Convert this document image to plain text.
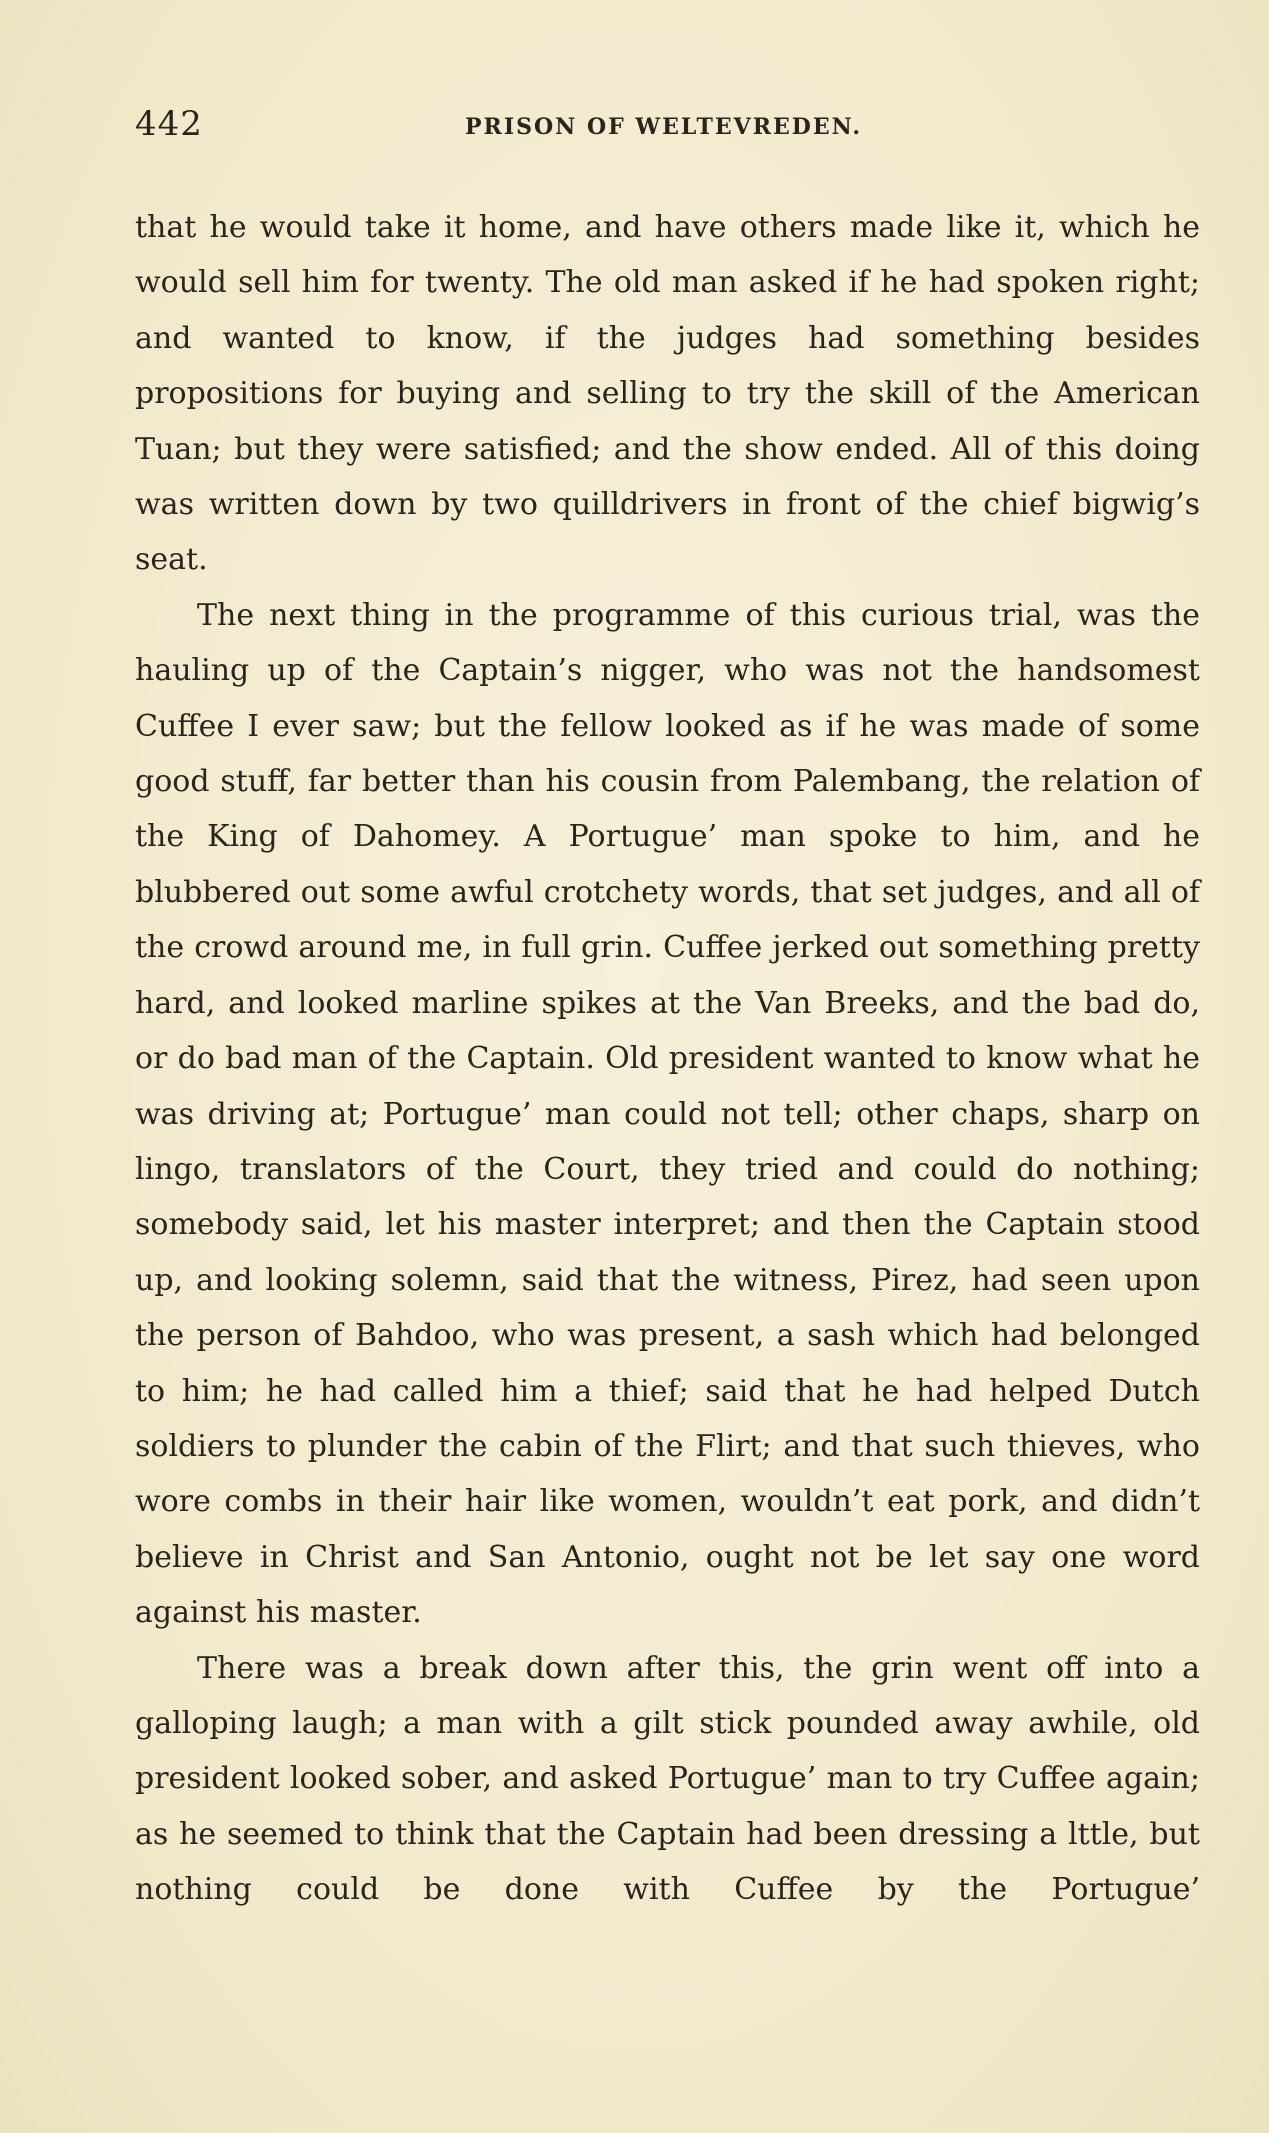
442	PRISON OF WELTEVREDEN.

that he would take it home, and have others made like it, which he would sell him for twenty. The old man asked if he had spoken right; and wanted to know, if the judges had something besides propositions for buying and selling to try the skill of the American Tuan; but they were satisfied; and the show ended. All of this doing was written down by two quilldrivers in front of the chief bigwig’s seat.

The next thing in the programme of this curious trial, was the hauling up of the Captain’s nigger, who was not the handsomest Cuffee I ever saw; but the fellow looked as if he was made of some good stuff, far better than his cousin from Palembang, the relation of the King of Dahomey. A Portugue’ man spoke to him, and he blubbered out some awful crotchety words, that set judges, and all of the crowd around me, in full grin. Cuffee jerked out something pretty hard, and looked marline spikes at the Van Breeks, and the bad do, or do bad man of the Captain. Old president wanted to know what he was driving at; Portugue’ man could not tell; other chaps, sharp on lingo, translators of the Court, they tried and could do nothing; somebody said, let his master interpret; and then the Captain stood up, and looking solemn, said that the witness, Pirez, had seen upon the person of Bahdoo, who was present, a sash which had belonged to him; he had called him a thief; said that he had helped Dutch soldiers to plunder the cabin of the Flirt; and that such thieves, who wore combs in their hair like women, wouldn’t eat pork, and didn’t believe in Christ and San Antonio, ought not be let say one word against his master.

There was a break down after this, the grin went off into a galloping laugh; a man with a gilt stick pounded away awhile, old president looked sober, and asked Portugue’ man to try Cuffee again; as he seemed to think that the Captain had been dressing a lttle, but nothing could be done with Cuffee by the Portugue’
